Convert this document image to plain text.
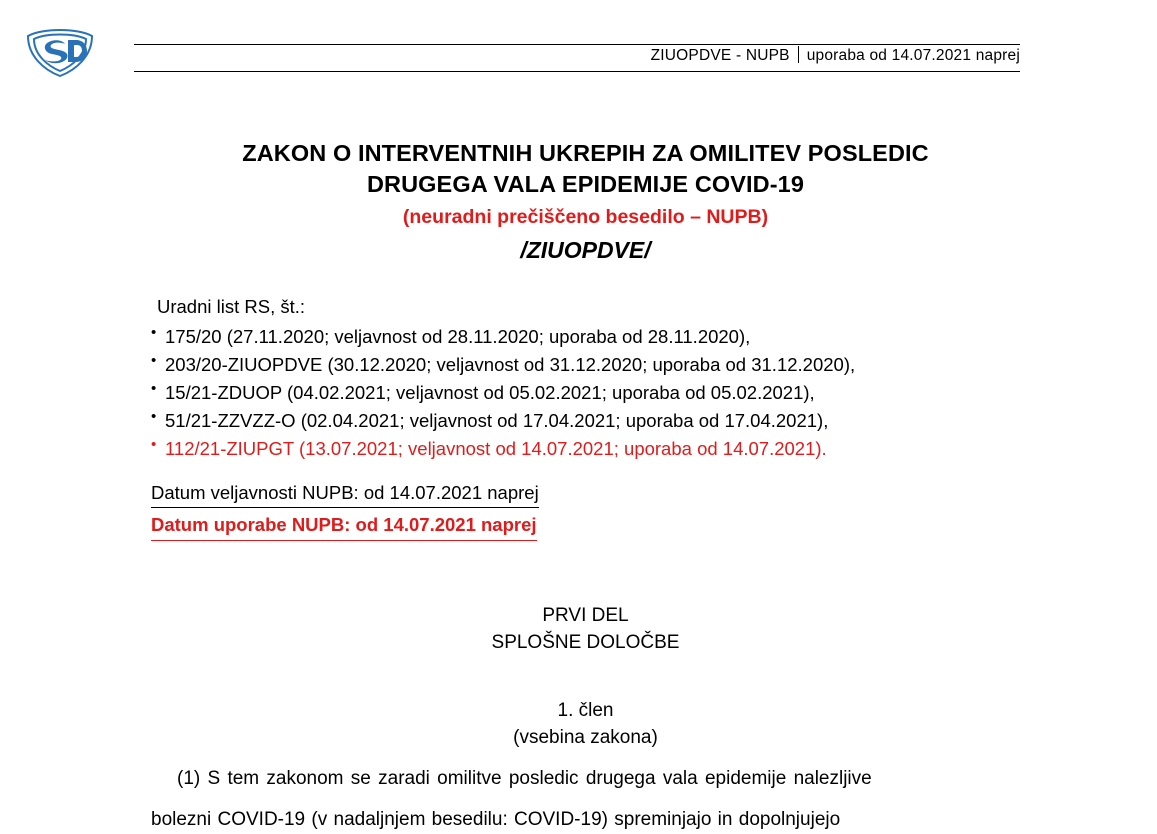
ZIUOPDVE - NUPB uporaba od 14.07.2021 naprej
ZAKON O INTERVENTNIH UKREPIH ZA OMILITEV POSLEDIC
DRUGEGA VALA EPIDEMIJE COVID-19
(neuradni prečiščeno besedilo – NUPB)
/ZIUOPDVE/
Uradni list RS, št.:
• 175/20 (27.11.2020; veljavnost od 28.11.2020; uporaba od 28.11.2020),
• 203/20-ZIUOPDVE (30.12.2020; veljavnost od 31.12.2020; uporaba od 31.12.2020),
• 15/21-ZDUOP (04.02.2021; veljavnost od 05.02.2021; uporaba od 05.02.2021),
• 51/21-ZZVZZ-O (02.04.2021; veljavnost od 17.04.2021; uporaba od 17.04.2021),
• 112/21-ZIUPGT (13.07.2021; veljavnost od 14.07.2021; uporaba od 14.07.2021).
Datum veljavnosti NUPB: od 14.07.2021 naprej
Datum uporabe NUPB: od 14.07.2021 naprej
PRVI DEL
SPLOŠNE DOLOČBE
1. člen
(vsebina zakona)
(1) S tem zakonom se zaradi omilitve posledic drugega vala epidemije nalezljive
bolezni COVID-19 (v nadaljnjem besedilu: COVID-19) spreminjajo in dopolnjujejo
